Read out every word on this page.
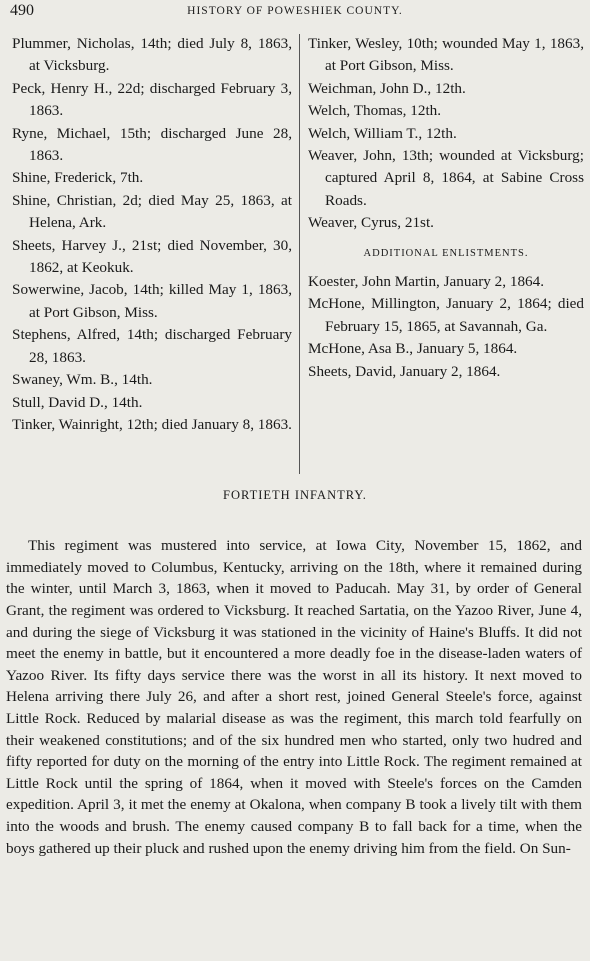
490	HISTORY OF POWESHIEK COUNTY.
Plummer, Nicholas, 14th; died July 8, 1863, at Vicksburg.
Peck, Henry H., 22d; discharged February 3, 1863.
Ryne, Michael, 15th; discharged June 28, 1863.
Shine, Frederick, 7th.
Shine, Christian, 2d; died May 25, 1863, at Helena, Ark.
Sheets, Harvey J., 21st; died November, 30, 1862, at Keokuk.
Sowerwine, Jacob, 14th; killed May 1, 1863, at Port Gibson, Miss.
Stephens, Alfred, 14th; discharged February 28, 1863.
Swaney, Wm. B., 14th.
Stull, David D., 14th.
Tinker, Wainright, 12th; died January 8, 1863.
Tinker, Wesley, 10th; wounded May 1, 1863, at Port Gibson, Miss.
Weichman, John D., 12th.
Welch, Thomas, 12th.
Welch, William T., 12th.
Weaver, John, 13th; wounded at Vicksburg; captured April 8, 1864, at Sabine Cross Roads.
Weaver, Cyrus, 21st.
ADDITIONAL ENLISTMENTS.
Koester, John Martin, January 2, 1864.
McHone, Millington, January 2, 1864; died February 15, 1865, at Savannah, Ga.
McHone, Asa B., January 5, 1864.
Sheets, David, January 2, 1864.
FORTIETH INFANTRY.

This regiment was mustered into service, at Iowa City, November 15, 1862, and immediately moved to Columbus, Kentucky, arriving on the 18th, where it remained during the winter, until March 3, 1863, when it moved to Paducah. May 31, by order of General Grant, the regiment was ordered to Vicksburg. It reached Sartatia, on the Yazoo River, June 4, and during the siege of Vicksburg it was stationed in the vicinity of Haine's Bluffs. It did not meet the enemy in battle, but it encountered a more deadly foe in the disease-laden waters of Yazoo River. Its fifty days service there was the worst in all its history. It next moved to Helena arriving there July 26, and after a short rest, joined General Steele's force, against Little Rock. Reduced by malarial disease as was the regiment, this march told fearfully on their weakened constitutions; and of the six hundred men who started, only two hudred and fifty reported for duty on the morning of the entry into Little Rock. The regiment remained at Little Rock until the spring of 1864, when it moved with Steele's forces on the Camden expedition. April 3, it met the enemy at Okalona, when company B took a lively tilt with them into the woods and brush. The enemy caused company B to fall back for a time, when the boys gathered up their pluck and rushed upon the enemy driving him from the field. On Sun-
